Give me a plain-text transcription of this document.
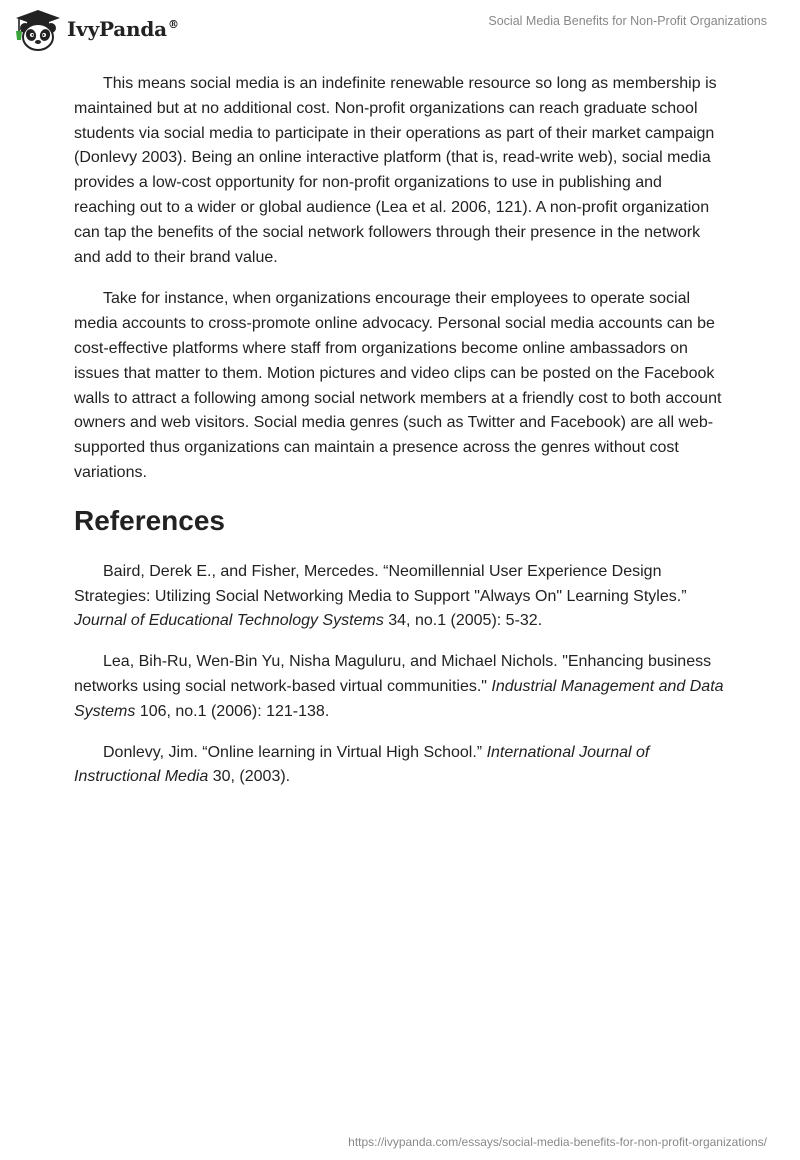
IvyPanda®	Social Media Benefits for Non-Profit Organizations

This means social media is an indefinite renewable resource so long as membership is maintained but at no additional cost. Non-profit organizations can reach graduate school students via social media to participate in their operations as part of their market campaign (Donlevy 2003). Being an online interactive platform (that is, read-write web), social media provides a low-cost opportunity for non-profit organizations to use in publishing and reaching out to a wider or global audience (Lea et al. 2006, 121). A non-profit organization can tap the benefits of the social network followers through their presence in the network and add to their brand value.

Take for instance, when organizations encourage their employees to operate social media accounts to cross-promote online advocacy. Personal social media accounts can be cost-effective platforms where staff from organizations become online ambassadors on issues that matter to them. Motion pictures and video clips can be posted on the Facebook walls to attract a following among social network members at a friendly cost to both account owners and web visitors. Social media genres (such as Twitter and Facebook) are all web-supported thus organizations can maintain a presence across the genres without cost variations.

References

Baird, Derek E., and Fisher, Mercedes. “Neomillennial User Experience Design Strategies: Utilizing Social Networking Media to Support "Always On" Learning Styles.” Journal of Educational Technology Systems 34, no.1 (2005): 5-32.

Lea, Bih-Ru, Wen-Bin Yu, Nisha Maguluru, and Michael Nichols. "Enhancing business networks using social network-based virtual communities." Industrial Management and Data Systems 106, no.1 (2006): 121-138.

Donlevy, Jim. “Online learning in Virtual High School.” International Journal of Instructional Media 30, (2003).

https://ivypanda.com/essays/social-media-benefits-for-non-profit-organizations/
